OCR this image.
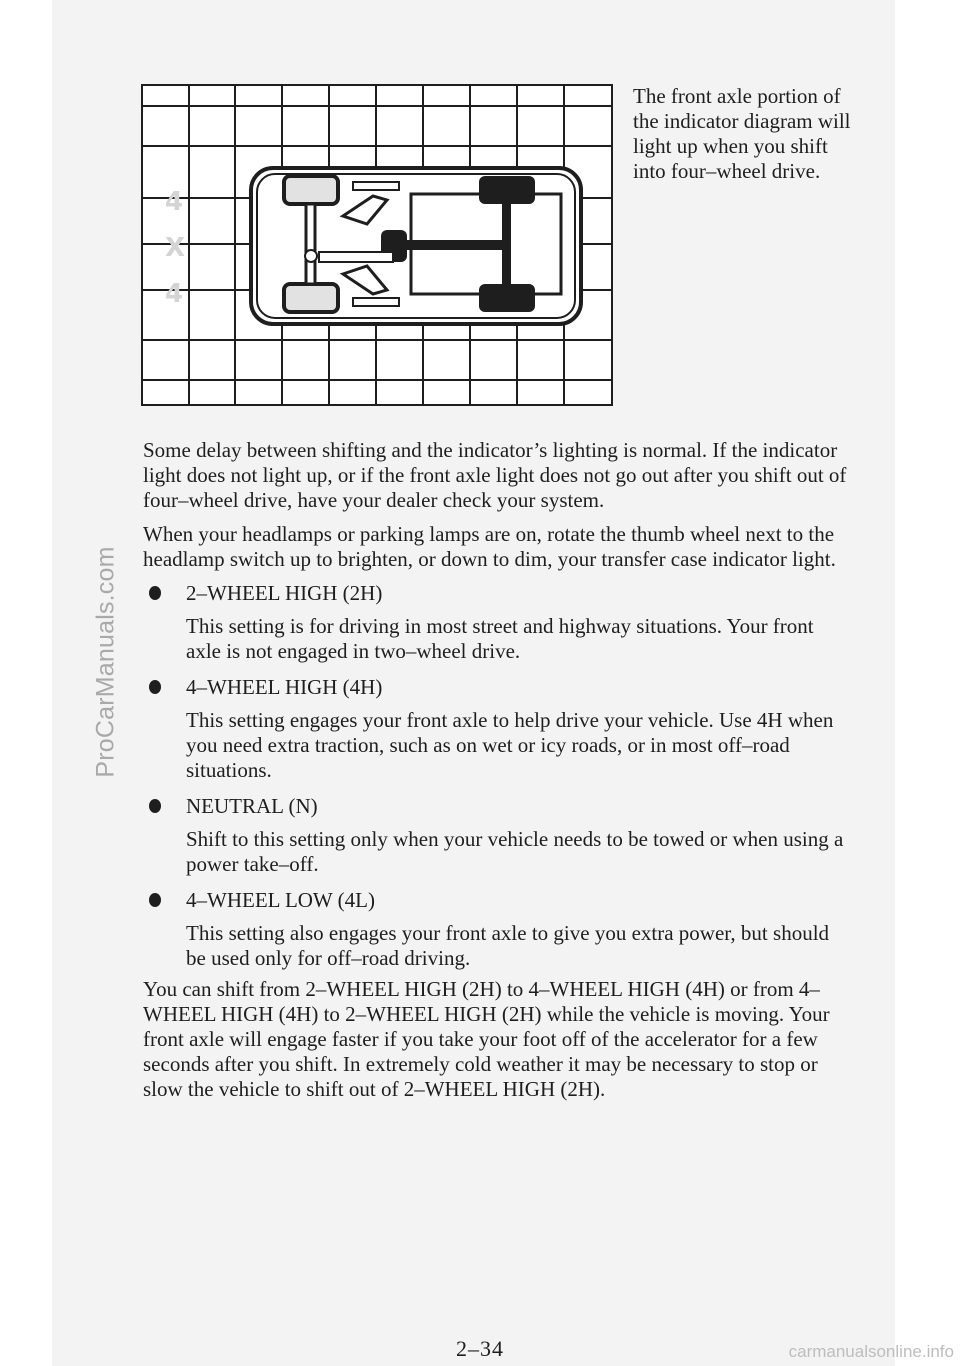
ProCarManuals.com
4
X
4

The front axle portion of the indicator diagram will light up when you shift into four–wheel drive.

Some delay between shifting and the indicator’s lighting is normal. If the indicator light does not light up, or if the front axle light does not go out after you shift out of four–wheel drive, have your dealer check your system.

When your headlamps or parking lamps are on, rotate the thumb wheel next to the headlamp switch up to brighten, or down to dim, your transfer case indicator light.

2–WHEEL HIGH (2H)
This setting is for driving in most street and highway situations. Your front axle is not engaged in two–wheel drive.
4–WHEEL HIGH (4H)
This setting engages your front axle to help drive your vehicle. Use 4H when you need extra traction, such as on wet or icy roads, or in most off–road situations.
NEUTRAL (N)
Shift to this setting only when your vehicle needs to be towed or when using a power take–off.
4–WHEEL LOW (4L)
This setting also engages your front axle to give you extra power, but should be used only for off–road driving.

You can shift from 2–WHEEL HIGH (2H) to 4–WHEEL HIGH (4H) or from 4–WHEEL HIGH (4H) to 2–WHEEL HIGH (2H) while the vehicle is moving. Your front axle will engage faster if you take your foot off of the accelerator for a few seconds after you shift. In extremely cold weather it may be necessary to stop or slow the vehicle to shift out of 2–WHEEL HIGH (2H).

2–34	carmanualsonline.info
